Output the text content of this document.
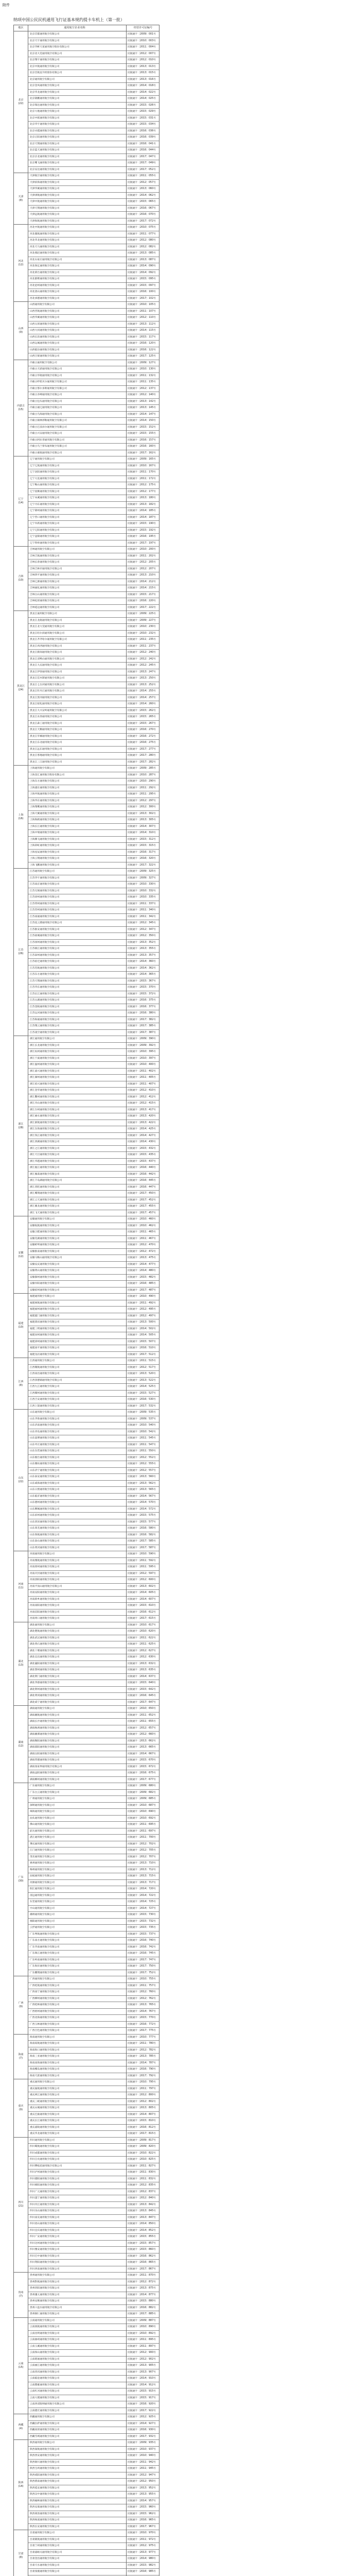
附件
纳项中国公民民机通用飞行证基本规约提卡车机上（第一批）
地区	通用航空企业名称	经营许可证编号
北京首都通用航空有限公司	民航通字〔2009〕001号
北京天宇通用航空有限公司	民航通字〔2010〕003号
北京华彬天星通用航空股份有限公司	民航通字〔2011〕004号
北京北大荒通用航空有限公司	民航通字〔2012〕007号
北京翔宇通用航空有限公司	民航通字〔2012〕010号
北京中航通用航空有限公司	民航通字〔2013〕013号
北京首航直升机股份有限公司	民航通字〔2013〕015号
北京通用航空有限公司	民航通字〔2013〕016号
北京金凤通用航空有限公司	民航通字〔2014〕018号
北京华龙通用航空有限公司	民航通字〔2014〕022号
北京锦鹏通用航空有限公司	民航通字〔2014〕025号
北京瑞达通用航空有限公司	民航通字〔2015〕026号
北京大地通用航空有限公司	民航通字〔2015〕029号
北京中联通用航空有限公司	民航通字〔2015〕031号
北京华宇通用航空有限公司	民航通字〔2015〕034号
北京卓越通用航空有限公司	民航通字〔2016〕036号
北京正阳通用航空有限公司	民航通字〔2016〕039号
北京天翔通用航空有限公司	民航通字〔2016〕041号
北京蓝天通用航空有限公司	民航通字〔2016〕044号
北京京北通用航空有限公司	民航通字〔2017〕047号
北京鹰飞通用航空有限公司	民航通字〔2017〕049号
北京安达通用航空有限公司	民航通字〔2017〕052号
北京
(22)
天津航空通用航空有限公司	民航通字〔2011〕055号
天津滨海通用航空有限公司	民航通字〔2012〕057号
天津华翼通用航空有限公司	民航通字〔2013〕060号
天津津航通用航空有限公司	民航通字〔2014〕062号
天津中航通用航空有限公司	民航通字〔2015〕065号
天津天翔通用航空有限公司	民航通字〔2016〕067号
天津远航通用航空有限公司	民航通字〔2016〕070号
天津海航通用航空有限公司	民航通字〔2017〕072号
天津
(8)
河北中航通用航空有限公司	民航通字〔2010〕075号
河北冀航通用航空有限公司	民航通字〔2011〕077号
河北华北通用航空有限公司	民航通字〔2012〕080号
河北天马通用航空有限公司	民航通字〔2012〕082号
河北燕赵通用航空有限公司	民航通字〔2013〕085号
河北石家庄通用航空有限公司	民航通字〔2013〕087号
河北保定通用航空有限公司	民航通字〔2014〕090号
河北邢台通用航空有限公司	民航通字〔2014〕092号
河北邯郸通用航空有限公司	民航通字〔2015〕095号
河北沧州通用航空有限公司	民航通字〔2015〕097号
河北唐山通用航空有限公司	民航通字〔2016〕100号
河北承德通用航空有限公司	民航通字〔2017〕102号
河北
(12)
山西通用航空有限公司	民航通字〔2010〕105号
山西晋航通用航空有限公司	民航通字〔2011〕107号
山西华翼通用航空有限公司	民航通字〔2012〕110号
山西太原通用航空有限公司	民航通字〔2013〕112号
山西大同通用航空有限公司	民航通字〔2014〕115号
山西长治通用航空有限公司	民航通字〔2015〕117号
山西运城通用航空有限公司	民航通字〔2016〕120号
山西临汾通用航空有限公司	民航通字〔2016〕122号
山西吕梁通用航空有限公司	民航通字〔2017〕125号
山西
(9)
内蒙古通用航空有限公司	民航通字〔2009〕127号
内蒙古天骄通用航空有限公司	民航通字〔2010〕130号
内蒙古华航通用航空有限公司	民航通字〔2011〕132号
内蒙古呼伦贝尔通用航空有限公司	民航通字〔2011〕135号
内蒙古鄂尔多斯通用航空有限公司	民航通字〔2012〕137号
内蒙古赤峰通用航空有限公司	民航通字〔2012〕140号
内蒙古包头通用航空有限公司	民航通字〔2013〕142号
内蒙古通辽通用航空有限公司	民航通字〔2013〕145号
内蒙古乌海通用航空有限公司	民航通字〔2014〕147号
内蒙古锡林郭勒通用航空有限公司	民航通字〔2014〕150号
内蒙古巴彦淖尔通用航空有限公司	民航通字〔2015〕152号
内蒙古兴安通用航空有限公司	民航通字〔2015〕155号
内蒙古阿拉善通用航空有限公司	民航通字〔2016〕157号
内蒙古乌兰察布通用航空有限公司	民航通字〔2016〕160号
内蒙古蒙航通用航空有限公司	民航通字〔2017〕162号
内蒙古
(15)
辽宁通用航空有限公司	民航通字〔2009〕165号
辽宁辽航通用航空有限公司	民航通字〔2010〕167号
辽宁沈阳通用航空有限公司	民航通字〔2011〕170号
辽宁大连通用航空有限公司	民航通字〔2011〕172号
辽宁鞍山通用航空有限公司	民航通字〔2012〕175号
辽宁抚顺通用航空有限公司	民航通字〔2012〕177号
辽宁本溪通用航空有限公司	民航通字〔2013〕180号
辽宁丹东通用航空有限公司	民航通字〔2013〕182号
辽宁锦州通用航空有限公司	民航通字〔2014〕185号
辽宁营口通用航空有限公司	民航通字〔2014〕187号
辽宁阜新通用航空有限公司	民航通字〔2015〕190号
辽宁辽阳通用航空有限公司	民航通字〔2015〕192号
辽宁盘锦通用航空有限公司	民航通字〔2016〕195号
辽宁铁岭通用航空有限公司	民航通字〔2017〕197号
辽宁
(14)
吉林通用航空有限公司	民航通字〔2010〕200号
吉林吉航通用航空有限公司	民航通字〔2011〕202号
吉林长春通用航空有限公司	民航通字〔2012〕205号
吉林吉林市通用航空有限公司	民航通字〔2012〕207号
吉林四平通用航空有限公司	民航通字〔2013〕210号
吉林辽源通用航空有限公司	民航通字〔2014〕212号
吉林通化通用航空有限公司	民航通字〔2014〕215号
吉林白山通用航空有限公司	民航通字〔2015〕217号
吉林松原通用航空有限公司	民航通字〔2016〕220号
吉林延边通用航空有限公司	民航通字〔2017〕222号
吉林
(10)
黑龙江通用航空有限公司	民航通字〔2009〕225号
黑龙江龙航通用航空有限公司	民航通字〔2009〕227号
黑龙江北大荒通用航空有限公司	民航通字〔2010〕230号
黑龙江哈尔滨通用航空有限公司	民航通字〔2010〕232号
黑龙江齐齐哈尔通用航空有限公司	民航通字〔2011〕235号
黑龙江鸡西通用航空有限公司	民航通字〔2011〕237号
黑龙江鹤岗通用航空有限公司	民航通字〔2012〕240号
黑龙江双鸭山通用航空有限公司	民航通字〔2012〕242号
黑龙江大庆通用航空有限公司	民航通字〔2012〕245号
黑龙江伊春通用航空有限公司	民航通字〔2013〕247号
黑龙江佳木斯通用航空有限公司	民航通字〔2013〕250号
黑龙江七台河通用航空有限公司	民航通字〔2013〕252号
黑龙江牡丹江通用航空有限公司	民航通字〔2014〕255号
黑龙江黑河通用航空有限公司	民航通字〔2014〕257号
黑龙江绥化通用航空有限公司	民航通字〔2014〕260号
黑龙江大兴安岭通用航空有限公司	民航通字〔2015〕262号
黑龙江农垦通用航空有限公司	民航通字〔2015〕265号
黑龙江森工通用航空有限公司	民航通字〔2015〕267号
黑龙江天鹅通用航空有限公司	民航通字〔2016〕270号
黑龙江华翼通用航空有限公司	民航通字〔2016〕272号
黑龙江东北通用航空有限公司	民航通字〔2016〕275号
黑龙江远东通用航空有限公司	民航通字〔2017〕277号
黑龙江寒地通用航空有限公司	民航通字〔2017〕280号
黑龙江三江通用航空有限公司	民航通字〔2017〕282号
黑龙江
(24)
上海通用航空有限公司	民航通字〔2009〕285号
上海金汇通用航空股份有限公司	民航通字〔2010〕287号
上海东方通用航空有限公司	民航通字〔2010〕290号
上海浦东通用航空有限公司	民航通字〔2011〕292号
上海申航通用航空有限公司	民航通字〔2011〕295号
上海华东通用航空有限公司	民航通字〔2012〕297号
上海翔鹰通用航空有限公司	民航通字〔2012〕300号
上海天翼通用航空有限公司	民航通字〔2013〕302号
上海海鸥通用航空有限公司	民航通字〔2013〕305号
上海长江通用航空有限公司	民航通字〔2014〕307号
上海中瑞通用航空有限公司	民航通字〔2014〕310号
上海腾飞通用航空有限公司	民航通字〔2015〕312号
上海彩虹通用航空有限公司	民航通字〔2015〕315号
上海星辰通用航空有限公司	民航通字〔2016〕317号
上海云翔通用航空有限公司	民航通字〔2016〕320号
上海飞鹏通用航空有限公司	民航通字〔2017〕322号
上海
(16)
江苏通用航空有限公司	民航通字〔2009〕325号
江苏华宇通用航空有限公司	民航通字〔2009〕327号
江苏南京通用航空有限公司	民航通字〔2010〕330号
江苏无锡通用航空有限公司	民航通字〔2010〕332号
江苏徐州通用航空有限公司	民航通字〔2010〕335号
江苏常州通用航空有限公司	民航通字〔2011〕337号
江苏苏州通用航空有限公司	民航通字〔2011〕340号
江苏南通通用航空有限公司	民航通字〔2011〕342号
江苏连云港通用航空有限公司	民航通字〔2012〕345号
江苏淮安通用航空有限公司	民航通字〔2012〕347号
江苏盐城通用航空有限公司	民航通字〔2012〕350号
江苏扬州通用航空有限公司	民航通字〔2013〕352号
江苏镇江通用航空有限公司	民航通字〔2013〕355号
江苏泰州通用航空有限公司	民航通字〔2013〕357号
江苏宿迁通用航空有限公司	民航通字〔2014〕360号
江苏苏航通用航空有限公司	民航通字〔2014〕362号
江苏东方通用航空有限公司	民航通字〔2014〕365号
江苏天翔通用航空有限公司	民航通字〔2015〕367号
江苏华东通用航空有限公司	民航通字〔2015〕370号
江苏长江通用航空有限公司	民航通字〔2015〕372号
江苏太湖通用航空有限公司	民航通字〔2016〕375号
江苏金陵通用航空有限公司	民航通字〔2016〕377号
江苏运河通用航空有限公司	民航通字〔2016〕380号
江苏海通通用航空有限公司	民航通字〔2017〕382号
江苏翔云通用航空有限公司	民航通字〔2017〕385号
江苏凌空通用航空有限公司	民航通字〔2017〕387号
江苏
(26)
浙江通用航空有限公司	民航通字〔2009〕390号
浙江长龙通用航空有限公司	民航通字〔2009〕392号
浙江杭州通用航空有限公司	民航通字〔2010〕395号
浙江宁波通用航空有限公司	民航通字〔2010〕397号
浙江温州通用航空有限公司	民航通字〔2010〕400号
浙江嘉兴通用航空有限公司	民航通字〔2011〕402号
浙江湖州通用航空有限公司	民航通字〔2011〕405号
浙江绍兴通用航空有限公司	民航通字〔2011〕407号
浙江金华通用航空有限公司	民航通字〔2012〕410号
浙江衢州通用航空有限公司	民航通字〔2012〕412号
浙江舟山通用航空有限公司	民航通字〔2012〕415号
浙江台州通用航空有限公司	民航通字〔2013〕417号
浙江丽水通用航空有限公司	民航通字〔2013〕420号
浙江浙航通用航空有限公司	民航通字〔2013〕422号
浙江东海通用航空有限公司	民航通字〔2014〕425号
浙江钱江通用航空有限公司	民航通字〔2014〕427号
浙江西湖通用航空有限公司	民航通字〔2014〕430号
浙江之江通用航空有限公司	民航通字〔2015〕432号
浙江天目通用航空有限公司	民航通字〔2015〕435号
浙江华越通用航空有限公司	民航通字〔2015〕437号
浙江瓯江通用航空有限公司	民航通字〔2016〕440号
浙江雁荡通用航空有限公司	民航通字〔2016〕442号
浙江千岛湖通用航空有限公司	民航通字〔2016〕445号
浙江普陀通用航空有限公司	民航通字〔2016〕447号
浙江鹰翔通用航空有限公司	民航通字〔2017〕450号
浙江云天通用航空有限公司	民航通字〔2017〕452号
浙江翼龙通用航空有限公司	民航通字〔2017〕455号
浙江飞天通用航空有限公司	民航通字〔2017〕457号
浙江
(28)
安徽通用航空有限公司	民航通字〔2010〕460号
安徽皖航通用航空有限公司	民航通字〔2010〕462号
安徽合肥通用航空有限公司	民航通字〔2011〕465号
安徽芜湖通用航空有限公司	民航通字〔2011〕467号
安徽蚌埠通用航空有限公司	民航通字〔2012〕470号
安徽淮南通用航空有限公司	民航通字〔2012〕472号
安徽马鞍山通用航空有限公司	民航通字〔2013〕475号
安徽安庆通用航空有限公司	民航通字〔2014〕477号
安徽黄山通用航空有限公司	民航通字〔2014〕480号
安徽滁州通用航空有限公司	民航通字〔2015〕482号
安徽阜阳通用航空有限公司	民航通字〔2016〕485号
安徽宿州通用航空有限公司	民航通字〔2017〕487号
安徽
(12)
福建通用航空有限公司	民航通字〔2010〕490号
福建闽航通用航空有限公司	民航通字〔2011〕492号
福建福州通用航空有限公司	民航通字〔2012〕495号
福建厦门通用航空有限公司	民航通字〔2012〕497号
福建莆田通用航空有限公司	民航通字〔2013〕500号
福建三明通用航空有限公司	民航通字〔2014〕502号
福建泉州通用航空有限公司	民航通字〔2014〕505号
福建漳州通用航空有限公司	民航通字〔2015〕507号
福建南平通用航空有限公司	民航通字〔2016〕510号
福建龙岩通用航空有限公司	民航通字〔2017〕512号
福建
(10)
江西通用航空有限公司	民航通字〔2011〕515号
江西赣航通用航空有限公司	民航通字〔2012〕517号
江西南昌通用航空有限公司	民航通字〔2013〕520号
江西景德镇通用航空有限公司	民航通字〔2013〕522号
江西九江通用航空有限公司	民航通字〔2014〕525号
江西赣州通用航空有限公司	民航通字〔2015〕527号
江西吉安通用航空有限公司	民航通字〔2016〕530号
江西上饶通用航空有限公司	民航通字〔2017〕532号
江西
(8)
山东通用航空有限公司	民航通字〔2009〕535号
山东齐鲁通用航空有限公司	民航通字〔2009〕537号
山东济南通用航空有限公司	民航通字〔2010〕540号
山东青岛通用航空有限公司	民航通字〔2010〕542号
山东淄博通用航空有限公司	民航通字〔2011〕545号
山东枣庄通用航空有限公司	民航通字〔2011〕547号
山东东营通用航空有限公司	民航通字〔2011〕550号
山东烟台通用航空有限公司	民航通字〔2012〕552号
山东潍坊通用航空有限公司	民航通字〔2012〕555号
山东济宁通用航空有限公司	民航通字〔2012〕557号
山东泰安通用航空有限公司	民航通字〔2013〕560号
山东威海通用航空有限公司	民航通字〔2013〕562号
山东日照通用航空有限公司	民航通字〔2013〕565号
山东临沂通用航空有限公司	民航通字〔2014〕567号
山东德州通用航空有限公司	民航通字〔2014〕570号
山东聊城通用航空有限公司	民航通字〔2014〕572号
山东滨州通用航空有限公司	民航通字〔2015〕575号
山东菏泽通用航空有限公司	民航通字〔2015〕577号
山东莱芜通用航空有限公司	民航通字〔2016〕580号
山东鲁航通用航空有限公司	民航通字〔2016〕582号
山东泰山通用航空有限公司	民航通字〔2017〕585号
山东黄河通用航空有限公司	民航通字〔2017〕587号
山东
(22)
河南通用航空有限公司	民航通字〔2010〕590号
河南豫航通用航空有限公司	民航通字〔2011〕592号
河南郑州通用航空有限公司	民航通字〔2011〕595号
河南开封通用航空有限公司	民航通字〔2012〕597号
河南洛阳通用航空有限公司	民航通字〔2012〕600号
河南平顶山通用航空有限公司	民航通字〔2013〕602号
河南安阳通用航空有限公司	民航通字〔2014〕605号
河南新乡通用航空有限公司	民航通字〔2014〕607号
河南南阳通用航空有限公司	民航通字〔2015〕610号
河南信阳通用航空有限公司	民航通字〔2016〕612号
河南周口通用航空有限公司	民航通字〔2017〕615号
河南
(11)
湖北通用航空有限公司	民航通字〔2010〕617号
湖北楚航通用航空有限公司	民航通字〔2010〕620号
湖北武汉通用航空有限公司	民航通字〔2011〕622号
湖北黄石通用航空有限公司	民航通字〔2011〕625号
湖北十堰通用航空有限公司	民航通字〔2012〕627号
湖北宜昌通用航空有限公司	民航通字〔2012〕630号
湖北襄阳通用航空有限公司	民航通字〔2013〕632号
湖北鄂州通用航空有限公司	民航通字〔2013〕635号
湖北荆门通用航空有限公司	民航通字〔2014〕637号
湖北孝感通用航空有限公司	民航通字〔2015〕640号
湖北荆州通用航空有限公司	民航通字〔2015〕642号
湖北黄冈通用航空有限公司	民航通字〔2016〕645号
湖北咸宁通用航空有限公司	民航通字〔2017〕647号
湖北
(13)
湖南通用航空有限公司	民航通字〔2010〕650号
湖南湘航通用航空有限公司	民航通字〔2011〕652号
湖南长沙通用航空有限公司	民航通字〔2011〕655号
湖南株洲通用航空有限公司	民航通字〔2012〕657号
湖南湘潭通用航空有限公司	民航通字〔2012〕660号
湖南衡阳通用航空有限公司	民航通字〔2013〕662号
湖南邵阳通用航空有限公司	民航通字〔2013〕665号
湖南岳阳通用航空有限公司	民航通字〔2014〕667号
湖南常德通用航空有限公司	民航通字〔2015〕670号
湖南张家界通用航空有限公司	民航通字〔2015〕672号
湖南益阳通用航空有限公司	民航通字〔2016〕675号
湖南郴州通用航空有限公司	民航通字〔2017〕677号
湖南
(12)
广东通用航空有限公司	民航通字〔2009〕680号
广东白云通用航空有限公司	民航通字〔2009〕682号
广州通用航空有限公司	民航通字〔2009〕685号
深圳通用航空有限公司	民航通字〔2010〕687号
珠海通用航空有限公司	民航通字〔2010〕690号
汕头通用航空有限公司	民航通字〔2010〕692号
佛山通用航空有限公司	民航通字〔2011〕695号
韶关通用航空有限公司	民航通字〔2011〕697号
湛江通用航空有限公司	民航通字〔2011〕700号
肇庆通用航空有限公司	民航通字〔2012〕702号
江门通用航空有限公司	民航通字〔2012〕705号
茂名通用航空有限公司	民航通字〔2012〕707号
惠州通用航空有限公司	民航通字〔2013〕710号
梅州通用航空有限公司	民航通字〔2013〕712号
汕尾通用航空有限公司	民航通字〔2013〕715号
河源通用航空有限公司	民航通字〔2013〕717号
阳江通用航空有限公司	民航通字〔2014〕720号
清远通用航空有限公司	民航通字〔2014〕722号
东莞通用航空有限公司	民航通字〔2014〕725号
中山通用航空有限公司	民航通字〔2014〕727号
潮州通用航空有限公司	民航通字〔2015〕730号
揭阳通用航空有限公司	民航通字〔2015〕732号
云浮通用航空有限公司	民航通字〔2015〕735号
广东粤航通用航空有限公司	民航通字〔2015〕737号
广东南方通用航空有限公司	民航通字〔2016〕740号
广东华南通用航空有限公司	民航通字〔2016〕742号
广东珠江通用航空有限公司	民航通字〔2016〕745号
广东岭南通用航空有限公司	民航通字〔2017〕747号
广东海岸通用航空有限公司	民航通字〔2017〕750号
广东鹏翔通用航空有限公司	民航通字〔2017〕752号
广东
(30)
广西通用航空有限公司	民航通字〔2010〕755号
广西桂航通用航空有限公司	民航通字〔2011〕757号
广西南宁通用航空有限公司	民航通字〔2012〕760号
广西柳州通用航空有限公司	民航通字〔2012〕762号
广西桂林通用航空有限公司	民航通字〔2013〕765号
广西梧州通用航空有限公司	民航通字〔2014〕767号
广西北海通用航空有限公司	民航通字〔2015〕770号
广西玉林通用航空有限公司	民航通字〔2016〕772号
广西百色通用航空有限公司	民航通字〔2017〕775号
广西
(9)
海南通用航空有限公司	民航通字〔2010〕777号
海南琼航通用航空有限公司	民航通字〔2011〕780号
海南海口通用航空有限公司	民航通字〔2012〕782号
海南三亚通用航空有限公司	民航通字〔2013〕785号
海南南海通用航空有限公司	民航通字〔2014〕787号
海南椰岛通用航空有限公司	民航通字〔2016〕790号
海南天涯通用航空有限公司	民航通字〔2017〕792号
海南
(7)
重庆通用航空有限公司	民航通字〔2010〕795号
重庆渝航通用航空有限公司	民航通字〔2011〕797号
重庆两江通用航空有限公司	民航通字〔2012〕800号
重庆三峡通用航空有限公司	民航通字〔2012〕802号
重庆山城通用航空有限公司	民航通字〔2013〕805号
重庆巴渝通用航空有限公司	民航通字〔2014〕807号
重庆长江通用航空有限公司	民航通字〔2015〕810号
重庆嘉陵通用航空有限公司	民航通字〔2016〕812号
重庆华龙通用航空有限公司	民航通字〔2017〕815号
重庆
(9)
四川通用航空有限公司	民航通字〔2009〕817号
四川蜀航通用航空有限公司	民航通字〔2009〕820号
四川成都通用航空有限公司	民航通字〔2010〕822号
四川自贡通用航空有限公司	民航通字〔2010〕825号
四川攀枝花通用航空有限公司	民航通字〔2011〕827号
四川泸州通用航空有限公司	民航通字〔2011〕830号
四川德阳通用航空有限公司	民航通字〔2011〕832号
四川绵阳通用航空有限公司	民航通字〔2012〕835号
四川广元通用航空有限公司	民航通字〔2012〕837号
四川遂宁通用航空有限公司	民航通字〔2012〕840号
四川内江通用航空有限公司	民航通字〔2013〕842号
四川乐山通用航空有限公司	民航通字〔2013〕845号
四川南充通用航空有限公司	民航通字〔2013〕847号
四川眉山通用航空有限公司	民航通字〔2014〕850号
四川宜宾通用航空有限公司	民航通字〔2014〕852号
四川广安通用航空有限公司	民航通字〔2015〕855号
四川达州通用航空有限公司	民航通字〔2015〕857号
四川雅安通用航空有限公司	民航通字〔2015〕860号
四川巴中通用航空有限公司	民航通字〔2016〕862号
四川资阳通用航空有限公司	民航通字〔2016〕865号
四川西南通用航空有限公司	民航通字〔2017〕867号
四川
(21)
贵州通用航空有限公司	民航通字〔2011〕870号
贵州黔航通用航空有限公司	民航通字〔2012〕872号
贵州贵阳通用航空有限公司	民航通字〔2013〕875号
贵州遵义通用航空有限公司	民航通字〔2014〕877号
贵州安顺通用航空有限公司	民航通字〔2015〕880号
贵州六盘水通用航空有限公司	民航通字〔2016〕882号
贵州铜仁通用航空有限公司	民航通字〔2017〕885号
贵州
(7)
云南通用航空有限公司	民航通字〔2009〕887号
云南滇航通用航空有限公司	民航通字〔2010〕890号
云南昆明通用航空有限公司	民航通字〔2010〕892号
云南曲靖通用航空有限公司	民航通字〔2011〕895号
云南玉溪通用航空有限公司	民航通字〔2011〕897号
云南保山通用航空有限公司	民航通字〔2012〕900号
云南昭通通用航空有限公司	民航通字〔2012〕902号
云南丽江通用航空有限公司	民航通字〔2013〕905号
云南普洱通用航空有限公司	民航通字〔2013〕907号
云南临沧通用航空有限公司	民航通字〔2014〕910号
云南楚雄通用航空有限公司	民航通字〔2014〕912号
云南红河通用航空有限公司	民航通字〔2015〕915号
云南大理通用航空有限公司	民航通字〔2015〕917号
云南西双版纳通用航空有限公司	民航通字〔2016〕920号
云南德宏通用航空有限公司	民航通字〔2017〕922号
云南
(15)
西藏通用航空有限公司	民航通字〔2012〕925号
西藏拉萨通用航空有限公司	民航通字〔2014〕927号
西藏高原通用航空有限公司	民航通字〔2016〕930号
西藏雪域通用航空有限公司	民航通字〔2017〕932号
西藏
(4)
陕西通用航空有限公司	民航通字〔2009〕935号
陕西秦航通用航空有限公司	民航通字〔2010〕937号
陕西西安通用航空有限公司	民航通字〔2010〕940号
陕西铜川通用航空有限公司	民航通字〔2011〕942号
陕西宝鸡通用航空有限公司	民航通字〔2011〕945号
陕西咸阳通用航空有限公司	民航通字〔2012〕947号
陕西渭南通用航空有限公司	民航通字〔2012〕950号
陕西延安通用航空有限公司	民航通字〔2013〕952号
陕西汉中通用航空有限公司	民航通字〔2013〕955号
陕西榆林通用航空有限公司	民航通字〔2014〕957号
陕西安康通用航空有限公司	民航通字〔2015〕960号
陕西商洛通用航空有限公司	民航通字〔2015〕962号
陕西杨凌通用航空有限公司	民航通字〔2016〕965号
陕西长安通用航空有限公司	民航通字〔2017〕967号
陕西
(14)
甘肃通用航空有限公司	民航通字〔2010〕970号
甘肃陇航通用航空有限公司	民航通字〔2011〕972号
甘肃兰州通用航空有限公司	民航通字〔2012〕975号
甘肃嘉峪关通用航空有限公司	民航通字〔2013〕977号
甘肃金昌通用航空有限公司	民航通字〔2014〕980号
甘肃天水通用航空有限公司	民航通字〔2015〕982号
甘肃张掖通用航空有限公司	民航通字〔2016〕985号
甘肃
(8)
